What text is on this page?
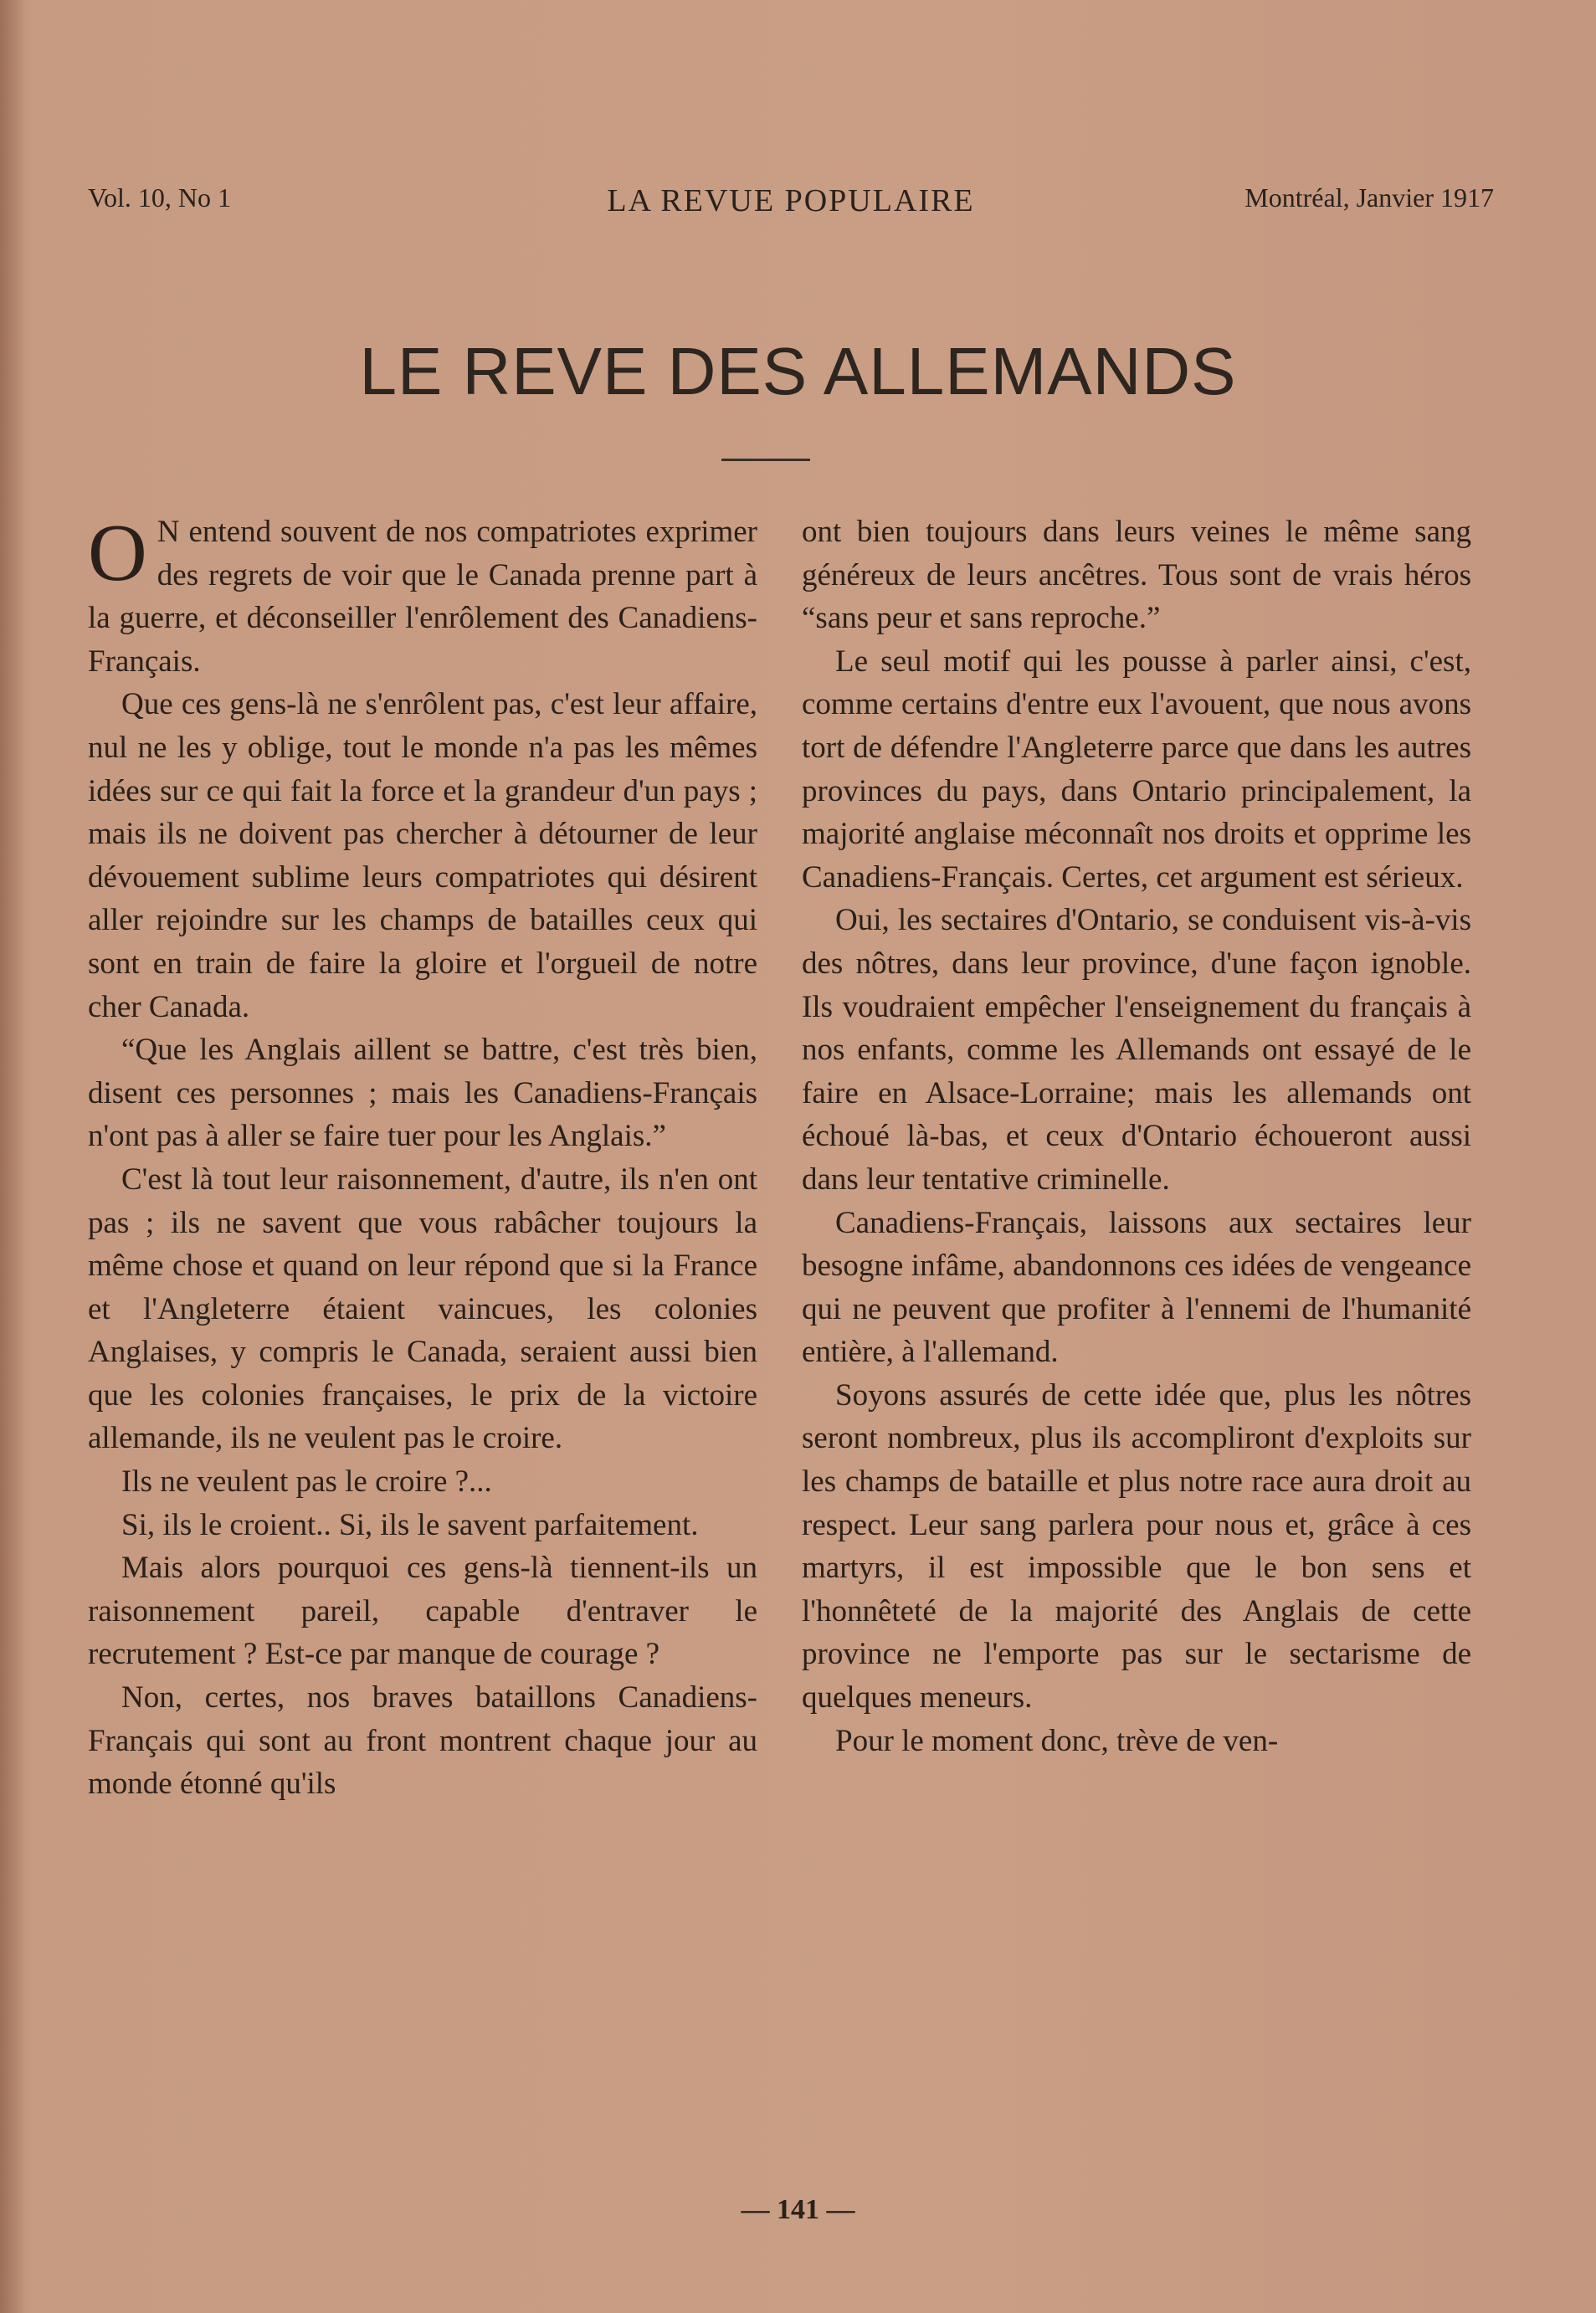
LA REVUE POPULAIRE
Vol. 10, No 1	Montréal, Janvier 1917
LE REVE DES ALLEMANDS

O N entend souvent de nos compatriotes exprimer des regrets de voir que le Canada prenne part à la guerre, et déconseiller l'enrôlement des Canadiens-Français.

Que ces gens-là ne s'enrôlent pas, c'est leur affaire, nul ne les y oblige, tout le monde n'a pas les mêmes idées sur ce qui fait la force et la grandeur d'un pays ; mais ils ne doivent pas chercher à détourner de leur dévouement sublime leurs compatriotes qui désirent aller rejoindre sur les champs de batailles ceux qui sont en train de faire la gloire et l'orgueil de notre cher Canada.

“Que les Anglais aillent se battre, c'est très bien, disent ces personnes ; mais les Canadiens-Français n'ont pas à aller se faire tuer pour les Anglais.”

C'est là tout leur raisonnement, d'autre, ils n'en ont pas ; ils ne savent que vous rabâcher toujours la même chose et quand on leur répond que si la France et l'Angleterre étaient vaincues, les colonies Anglaises, y compris le Canada, seraient aussi bien que les colonies françaises, le prix de la victoire allemande, ils ne veulent pas le croire.

Ils ne veulent pas le croire ?...

Si, ils le croient.. Si, ils le savent parfaitement.

Mais alors pourquoi ces gens-là tiennent-ils un raisonnement pareil, capable d'entraver le recrutement ? Est-ce par manque de courage ?

Non, certes, nos braves bataillons Canadiens-Français qui sont au front montrent chaque jour au monde étonné qu'ils

ont bien toujours dans leurs veines le même sang généreux de leurs ancêtres. Tous sont de vrais héros “sans peur et sans reproche.”

Le seul motif qui les pousse à parler ainsi, c'est, comme certains d'entre eux l'avouent, que nous avons tort de défendre l'Angleterre parce que dans les autres provinces du pays, dans Ontario principalement, la majorité anglaise méconnaît nos droits et opprime les Canadiens-Français. Certes, cet argument est sérieux.

Oui, les sectaires d'Ontario, se conduisent vis-à-vis des nôtres, dans leur province, d'une façon ignoble. Ils voudraient empêcher l'enseignement du français à nos enfants, comme les Allemands ont essayé de le faire en Alsace-Lorraine; mais les allemands ont échoué là-bas, et ceux d'Ontario échoueront aussi dans leur tentative criminelle.

Canadiens-Français, laissons aux sectaires leur besogne infâme, abandonnons ces idées de vengeance qui ne peuvent que profiter à l'ennemi de l'humanité entière, à l'allemand.

Soyons assurés de cette idée que, plus les nôtres seront nombreux, plus ils accompliront d'exploits sur les champs de bataille et plus notre race aura droit au respect. Leur sang parlera pour nous et, grâce à ces martyrs, il est impossible que le bon sens et l'honnêteté de la majorité des Anglais de cette province ne l'emporte pas sur le sectarisme de quelques meneurs.

Pour le moment donc, trève de ven-

— 141 —
